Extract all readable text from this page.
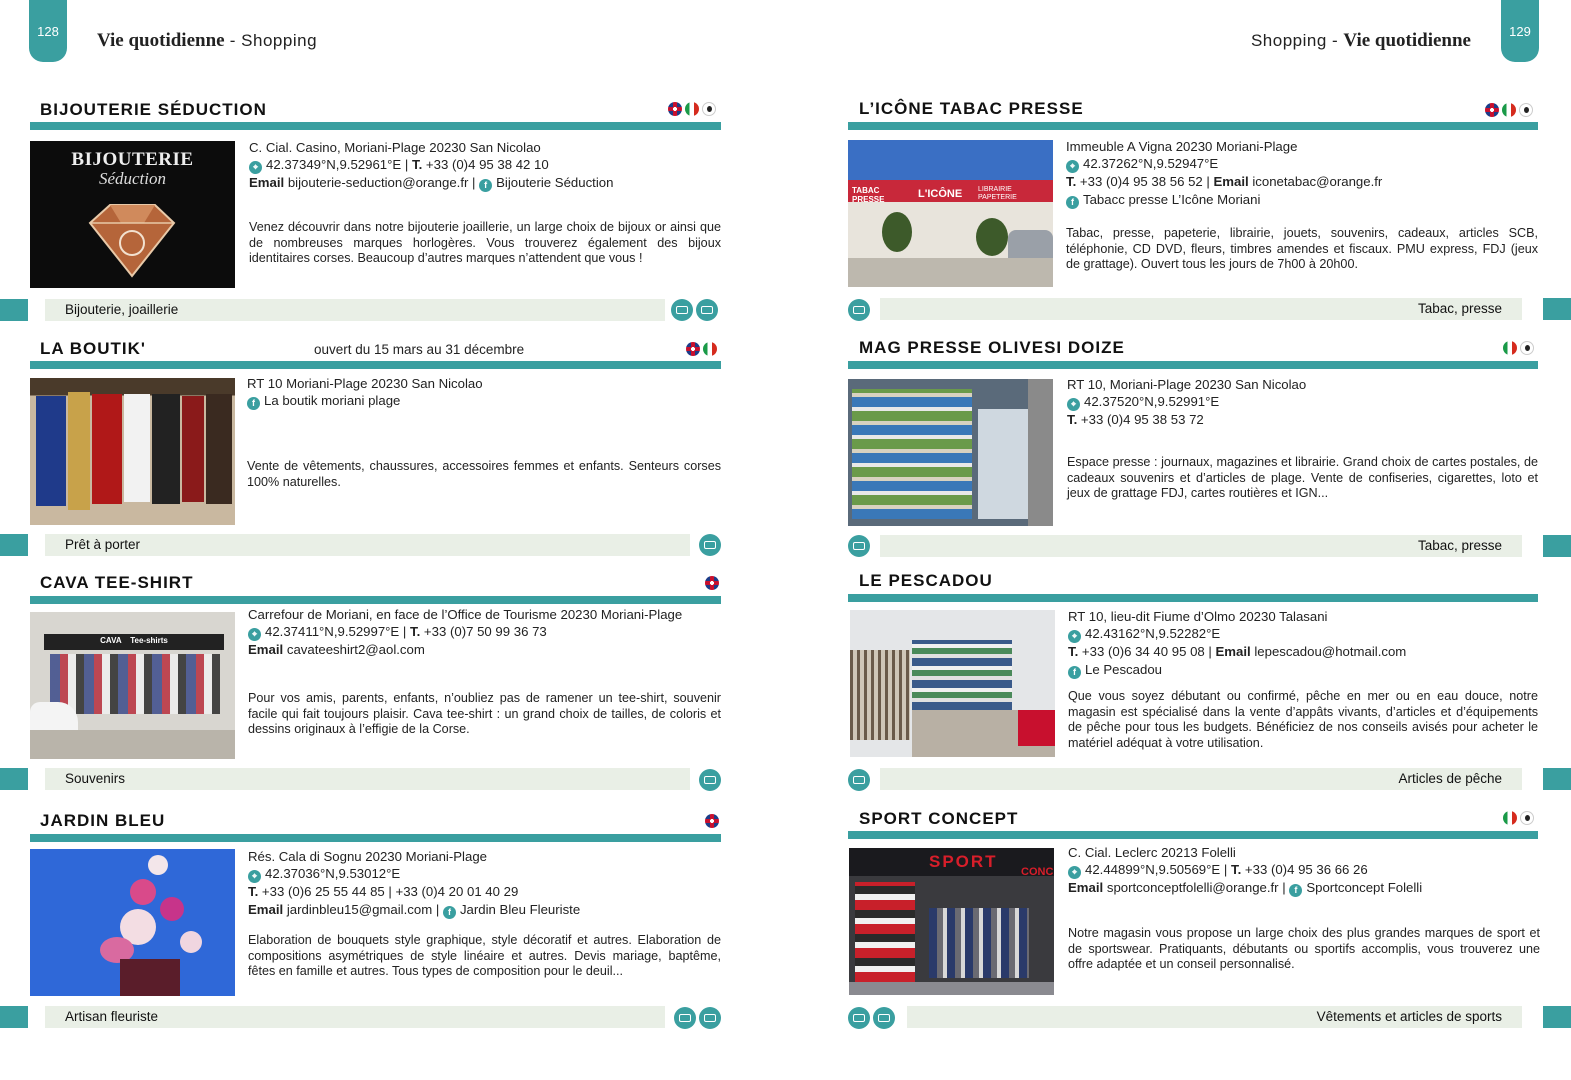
128	Vie quotidienne - Shopping	Shopping - Vie quotidienne	129
BIJOUTERIE SÉDUCTION
BIJOUTERIE
Séduction
C. Cial. Casino, Moriani-Plage 20230 San Nicolao
⌖ 42.37349°N,9.52961°E | T. +33 (0)4 95 38 42 10
Email bijouterie-seduction@orange.fr | f Bijouterie Séduction
Venez découvrir dans notre bijouterie joaillerie, un large choix de bijoux or ainsi que de nombreuses marques horlogères. Vous trouverez également des bijoux identitaires corses. Beaucoup d’autres marques n’attendent que vous !
Bijouterie, joaillerie
LA BOUTIK'	ouvert du 15 mars au 31 décembre
RT 10 Moriani-Plage 20230 San Nicolao
f La boutik moriani plage
Vente de vêtements, chaussures, accessoires femmes et enfants. Senteurs corses 100% naturelles.
Prêt à porter
CAVA TEE-SHIRT
CAVA    Tee-shirts
Carrefour de Moriani, en face de l’Office de Tourisme 20230 Moriani-Plage
⌖ 42.37411°N,9.52997°E | T. +33 (0)7 50 99 36 73
Email cavateeshirt2@aol.com
Pour vos amis, parents, enfants, n’oubliez pas de ramener un tee-shirt, souvenir facile qui fait toujours plaisir. Cava tee-shirt : un grand choix de tailles, de coloris et dessins originaux à l’effigie de la Corse.
Souvenirs
JARDIN BLEU
Rés. Cala di Sognu 20230 Moriani-Plage
⌖ 42.37036°N,9.53012°E
T. +33 (0)6 25 55 44 85 | +33 (0)4 20 01 40 29
Email jardinbleu15@gmail.com | f Jardin Bleu Fleuriste
Elaboration de bouquets style graphique, style décoratif et autres. Elaboration de compositions asymétriques de style linéaire et autres. Devis mariage, baptême, fêtes en famille et autres. Tous types de composition pour le deuil...
Artisan fleuriste
L’ICÔNE TABAC PRESSE
TABAC PRESSE	L'ICÔNE LIBRAIRIE PAPETERIE
Immeuble A Vigna 20230 Moriani-Plage
⌖ 42.37262°N,9.52947°E
T. +33 (0)4 95 38 56 52 | Email iconetabac@orange.fr
f Tabacc presse L’Icône Moriani
Tabac, presse, papeterie, librairie, jouets, souvenirs, cadeaux, articles SCB, téléphonie, CD DVD, fleurs, timbres amendes et fiscaux. PMU express, FDJ (jeux de grattage). Ouvert tous les jours de 7h00 à 20h00.
Tabac, presse
MAG PRESSE OLIVESI DOIZE
RT 10, Moriani-Plage 20230 San Nicolao
⌖ 42.37520°N,9.52991°E
T. +33 (0)4 95 38 53 72
Espace presse : journaux, magazines et librairie. Grand choix de cartes postales, de cadeaux souvenirs et d’articles de plage. Vente de confiseries, cigarettes, loto et jeux de grattage FDJ, cartes routières et IGN...
Tabac, presse
LE PESCADOU
RT 10, lieu-dit Fiume d’Olmo 20230 Talasani
⌖ 42.43162°N,9.52282°E
T. +33 (0)6 34 40 95 08 | Email lepescadou@hotmail.com
f Le Pescadou
Que vous soyez débutant ou confirmé, pêche en mer ou en eau douce, notre magasin est spécialisé dans la vente d’appâts vivants, d’articles et d’équipements de pêche pour tous les budgets. Bénéficiez de nos conseils avisés pour acheter le matériel adéquat à votre utilisation.
Articles de pêche
SPORT CONCEPT
SPORT
CONC
C. Cial. Leclerc 20213 Folelli
⌖ 42.44899°N,9.50569°E | T. +33 (0)4 95 36 66 26
Email sportconceptfolelli@orange.fr | f Sportconcept Folelli
Notre magasin vous propose un large choix des plus grandes marques de sport et de sportswear. Pratiquants, débutants ou sportifs accomplis, vous trouverez une offre adaptée et un conseil personnalisé.
Vêtements et articles de sports
